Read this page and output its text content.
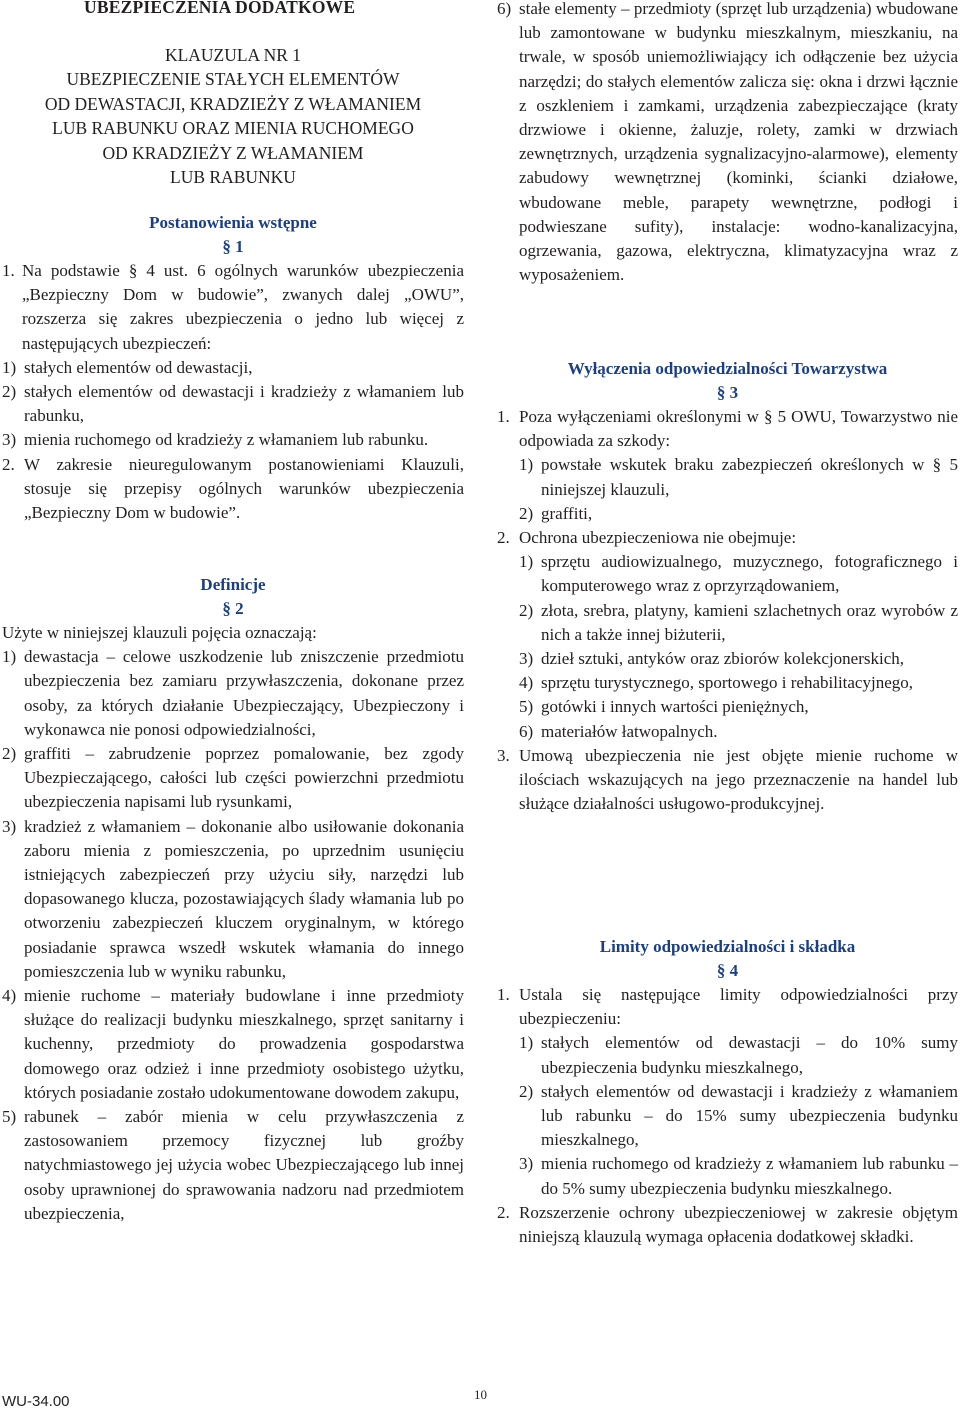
UBEZPIECZENIA DODATKOWE
KLAUZULA NR 1
UBEZPIECZENIE STAŁYCH ELEMENTÓW
OD DEWASTACJI, KRADZIEŻY Z WŁAMANIEM
LUB RABUNKU ORAZ MIENIA RUCHOMEGO
OD KRADZIEŻY Z WŁAMANIEM
LUB RABUNKU
Postanowienia wstępne
§ 1
1. Na podstawie § 4 ust. 6 ogólnych warunków ubezpieczenia „Bezpieczny Dom w budowie”, zwanych dalej „OWU”, rozszerza się zakres ubezpieczenia o jedno lub więcej z następujących ubezpieczeń:
1) stałych elementów od dewastacji,
2) stałych elementów od dewastacji i kradzieży z włamaniem lub rabunku,
3) mienia ruchomego od kradzieży z włamaniem lub rabunku.
2. W zakresie nieuregulowanym postanowieniami Klauzuli, stosuje się przepisy ogólnych warunków ubezpieczenia „Bezpieczny Dom w budowie”.
Definicje
§ 2
Użyte w niniejszej klauzuli pojęcia oznaczają:
1) dewastacja – celowe uszkodzenie lub zniszczenie przedmiotu ubezpieczenia bez zamiaru przywłaszczenia, dokonane przez osoby, za których działanie Ubezpieczający, Ubezpieczony i wykonawca nie ponosi odpowiedzialności,
2) graffiti – zabrudzenie poprzez pomalowanie, bez zgody Ubezpieczającego, całości lub części powierzchni przedmiotu ubezpieczenia napisami lub rysunkami,
3) kradzież z włamaniem – dokonanie albo usiłowanie dokonania zaboru mienia z pomieszczenia, po uprzednim usunięciu istniejących zabezpieczeń przy użyciu siły, narzędzi lub dopasowanego klucza, pozostawiających ślady włamania lub po otworzeniu zabezpieczeń kluczem oryginalnym, w którego posiadanie sprawca wszedł wskutek włamania do innego pomieszczenia lub w wyniku rabunku,
4) mienie ruchome – materiały budowlane i inne przedmioty służące do realizacji budynku mieszkalnego, sprzęt sanitarny i kuchenny, przedmioty do prowadzenia gospodarstwa domowego oraz odzież i inne przedmioty osobistego użytku, których posiadanie zostało udokumentowane dowodem zakupu,
5) rabunek – zabór mienia w celu przywłaszczenia z zastosowaniem przemocy fizycznej lub groźby natychmiastowego jej użycia wobec Ubezpieczającego lub innej osoby uprawnionej do sprawowania nadzoru nad przedmiotem ubezpieczenia,
6) stałe elementy – przedmioty (sprzęt lub urządzenia) wbudowane lub zamontowane w budynku mieszkalnym, mieszkaniu, na trwale, w sposób uniemożliwiający ich odłączenie bez użycia narzędzi; do stałych elementów zalicza się: okna i drzwi łącznie z oszkleniem i zamkami, urządzenia zabezpieczające (kraty drzwiowe i okienne, żaluzje, rolety, zamki w drzwiach zewnętrznych, urządzenia sygnalizacyjno-alarmowe), elementy zabudowy wewnętrznej (kominki, ścianki działowe, wbudowane meble, parapety wewnętrzne, podłogi i podwieszane sufity), instalacje: wodno-kanalizacyjna, ogrzewania, gazowa, elektryczna, klimatyzacyjna wraz z wyposażeniem.
Wyłączenia odpowiedzialności Towarzystwa
§ 3
1. Poza wyłączeniami określonymi w § 5 OWU, Towarzystwo nie odpowiada za szkody:
1) powstałe wskutek braku zabezpieczeń określonych w § 5 niniejszej klauzuli,
2) graffiti,
2. Ochrona ubezpieczeniowa nie obejmuje:
1) sprzętu audiowizualnego, muzycznego, fotograficznego i komputerowego wraz z oprzyrządowaniem,
2) złota, srebra, platyny, kamieni szlachetnych oraz wyrobów z nich a także innej biżuterii,
3) dzieł sztuki, antyków oraz zbiorów kolekcjonerskich,
4) sprzętu turystycznego, sportowego i rehabilitacyjnego,
5) gotówki i innych wartości pieniężnych,
6) materiałów łatwopalnych.
3. Umową ubezpieczenia nie jest objęte mienie ruchome w ilościach wskazujących na jego przeznaczenie na handel lub służące działalności usługowo-produkcyjnej.
Limity odpowiedzialności i składka
§ 4
1. Ustala się następujące limity odpowiedzialności przy ubezpieczeniu:
1) stałych elementów od dewastacji – do 10% sumy ubezpieczenia budynku mieszkalnego,
2) stałych elementów od dewastacji i kradzieży z włamaniem lub rabunku – do 15% sumy ubezpieczenia budynku mieszkalnego,
3) mienia ruchomego od kradzieży z włamaniem lub rabunku – do 5% sumy ubezpieczenia budynku mieszkalnego.
2. Rozszerzenie ochrony ubezpieczeniowej w zakresie objętym niniejszą klauzulą wymaga opłacenia dodatkowej składki.
WU-34.00	10
